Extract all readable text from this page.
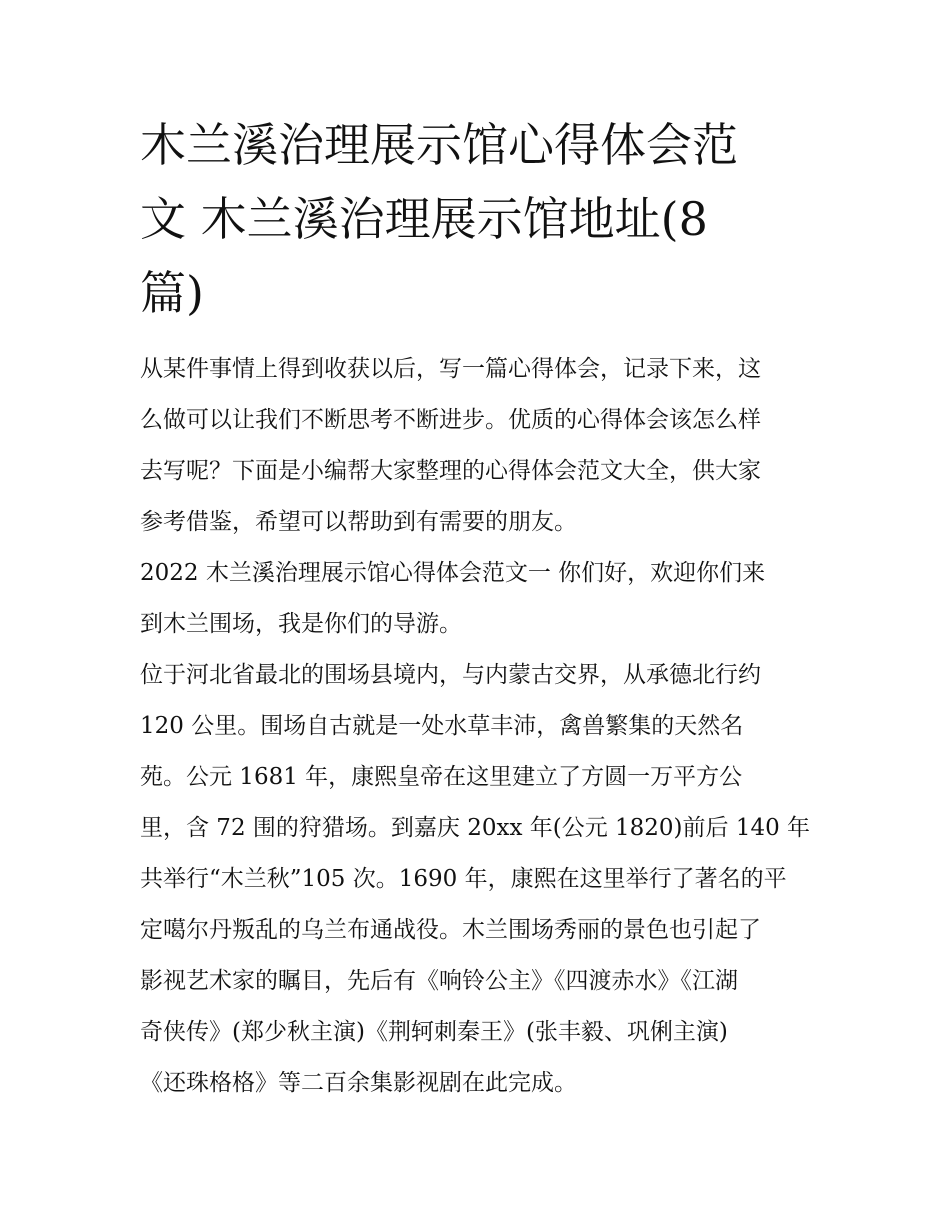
木兰溪治理展示馆心得体会范
文 木兰溪治理展示馆地址(8
篇)
从某件事情上得到收获以后，写一篇心得体会，记录下来，这
么做可以让我们不断思考不断进步。优质的心得体会该怎么样
去写呢？下面是小编帮大家整理的心得体会范文大全，供大家
参考借鉴，希望可以帮助到有需要的朋友。
2022 木兰溪治理展示馆心得体会范文一 你们好，欢迎你们来
到木兰围场，我是你们的导游。
位于河北省最北的围场县境内，与内蒙古交界，从承德北行约
120 公里。围场自古就是一处水草丰沛，禽兽繁集的天然名
苑。公元 1681 年，康熙皇帝在这里建立了方圆一万平方公
里，含 72 围的狩猎场。到嘉庆 20xx 年(公元 1820)前后 140 年
共举行“木兰秋”105 次。1690 年，康熙在这里举行了著名的平
定噶尔丹叛乱的乌兰布通战役。木兰围场秀丽的景色也引起了
影视艺术家的瞩目，先后有《响铃公主》《四渡赤水》《江湖
奇侠传》(郑少秋主演)《荆轲刺秦王》(张丰毅、巩俐主演)
《还珠格格》等二百余集影视剧在此完成。
